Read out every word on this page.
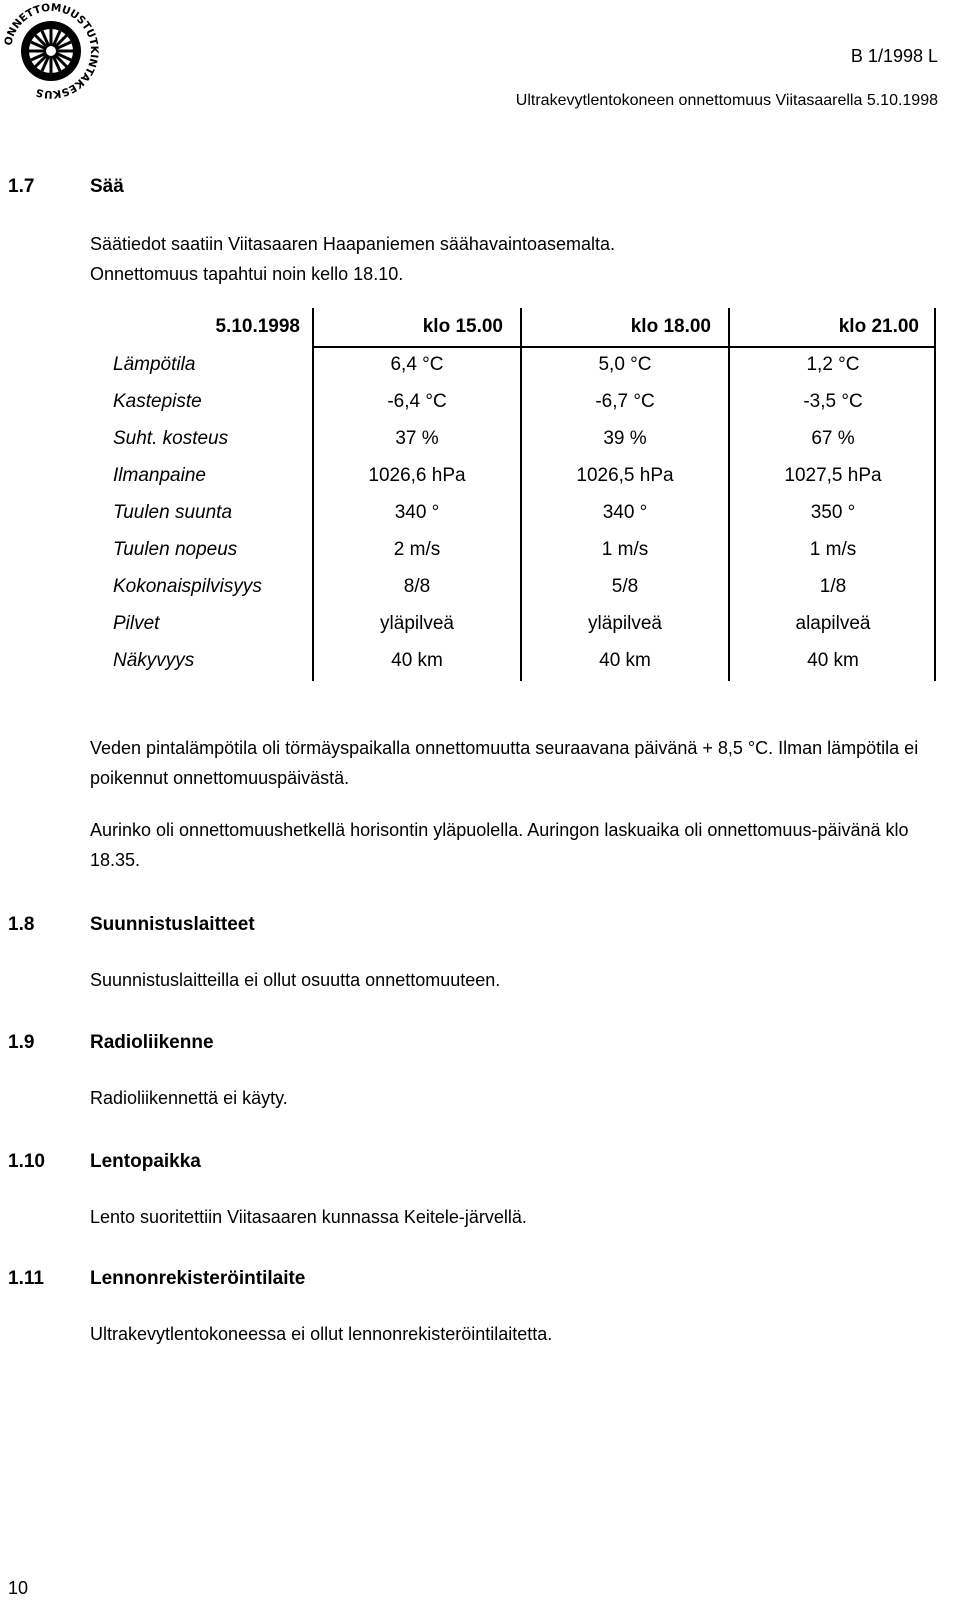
ONNETTOMUUSTUTKINTAKESKUS
B 1/1998 L
Ultrakevytlentokoneen onnettomuus Viitasaarella 5.10.1998
1.7	Sää

Säätiedot saatiin Viitasaaren Haapaniemen säähavaintoasemalta. Onnettomuus tapahtui noin kello 18.10.

5.10.1998	klo 15.00	klo 18.00	klo 21.00
Lämpötila	6,4 °C	5,0 °C	1,2 °C
Kastepiste	-6,4 °C	-6,7 °C	-3,5 °C
Suht. kosteus	37 %	39 %	67 %
Ilmanpaine	1026,6 hPa	1026,5 hPa	1027,5 hPa
Tuulen suunta	340 °	340 °	350 °
Tuulen nopeus	2 m/s	1 m/s	1 m/s
Kokonaispilvisyys	8/8	5/8	1/8
Pilvet	yläpilveä	yläpilveä	alapilveä
Näkyvyys	40 km	40 km	40 km

Veden pintalämpötila oli törmäyspaikalla onnettomuutta seuraavana päivänä + 8,5 °C. Ilman lämpötila ei poikennut onnettomuuspäivästä.

Aurinko oli onnettomuushetkellä horisontin yläpuolella. Auringon laskuaika oli onnettomuus-päivänä klo 18.35.

1.8	Suunnistuslaitteet

Suunnistuslaitteilla ei ollut osuutta onnettomuuteen.

1.9	Radioliikenne

Radioliikennettä ei käyty.

1.10 Lentopaikka

Lento suoritettiin Viitasaaren kunnassa Keitele-järvellä.

1.11 Lennonrekisteröintilaite

Ultrakevytlentokoneessa ei ollut lennonrekisteröintilaitetta.

10
